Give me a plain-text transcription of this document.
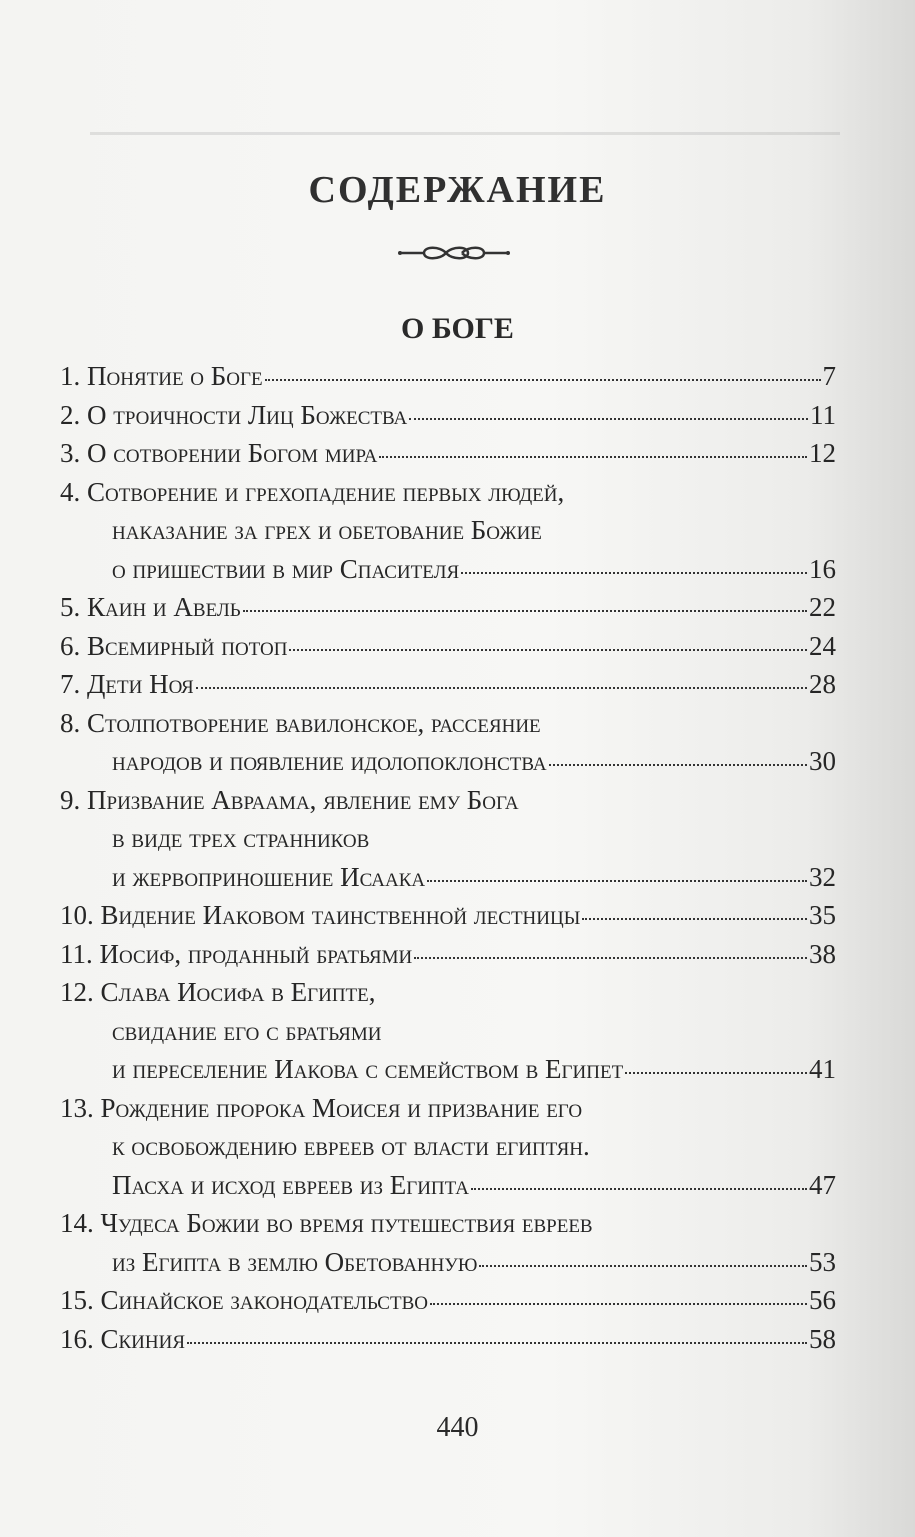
СОДЕРЖАНИЕ
О БОГЕ
1. Понятие о Боге	7
2. О троичности Лиц Божества	11
3. О сотворении Богом мира	12
4. Сотворение и грехопадение первых людей,
наказание за грех и обетование Божие
о пришествии в мир Спасителя	16
5. Каин и Авель	22
6. Всемирный потоп	24
7. Дети Ноя	28
8. Столпотворение вавилонское, рассеяние
народов и появление идолопоклонства	30
9. Призвание Авраама, явление ему Бога
в виде трех странников
и жервоприношение Исаака	32
10. Видение Иаковом таинственной лестницы	35
11. Иосиф, проданный братьями	38
12. Слава Иосифа в Египте,
свидание его с братьями
и переселение Иакова с семейством в Египет	41
13. Рождение пророка Моисея и призвание его
к освобождению евреев от власти египтян.
Пасха и исход евреев из Египта	47
14. Чудеса Божии во время путешествия евреев
из Египта в землю Обетованную	53
15. Синайское законодательство	56
16. Скиния	58
440
